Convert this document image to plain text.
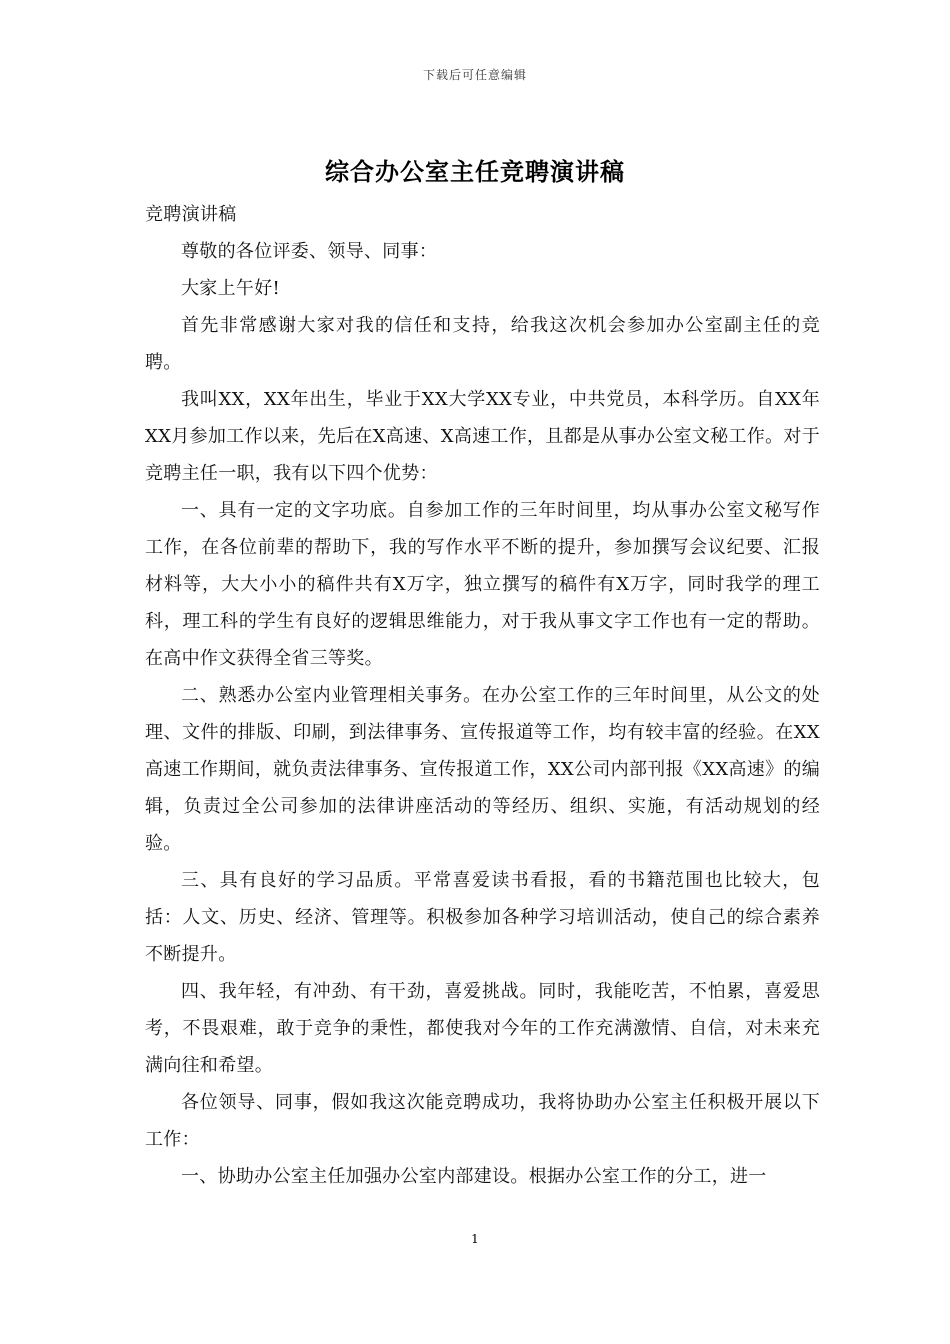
下载后可任意编辑
综合办公室主任竞聘演讲稿

竞聘演讲稿

尊敬的各位评委、领导、同事：

大家上午好!

首先非常感谢大家对我的信任和支持，给我这次机会参加办公室副主任的竞聘。

我叫XX，XX年出生，毕业于XX大学XX专业，中共党员，本科学历。自XX年XX月参加工作以来，先后在X高速、X高速工作，且都是从事办公室文秘工作。对于竞聘主任一职，我有以下四个优势：

一、具有一定的文字功底。自参加工作的三年时间里，均从事办公室文秘写作工作，在各位前辈的帮助下，我的写作水平不断的提升，参加撰写会议纪要、汇报材料等，大大小小的稿件共有X万字，独立撰写的稿件有X万字，同时我学的理工科，理工科的学生有良好的逻辑思维能力，对于我从事文字工作也有一定的帮助。在高中作文获得全省三等奖。

二、熟悉办公室内业管理相关事务。在办公室工作的三年时间里，从公文的处理、文件的排版、印刷，到法律事务、宣传报道等工作，均有较丰富的经验。在XX高速工作期间，就负责法律事务、宣传报道工作，XX公司内部刊报《XX高速》的编辑，负责过全公司参加的法律讲座活动的等经历、组织、实施，有活动规划的经验。

三、具有良好的学习品质。平常喜爱读书看报，看的书籍范围也比较大，包括：人文、历史、经济、管理等。积极参加各种学习培训活动，使自己的综合素养不断提升。

四、我年轻，有冲劲、有干劲，喜爱挑战。同时，我能吃苦，不怕累，喜爱思考，不畏艰难，敢于竞争的秉性，都使我对今年的工作充满激情、自信，对未来充满向往和希望。

各位领导、同事，假如我这次能竞聘成功，我将协助办公室主任积极开展以下工作：

一、协助办公室主任加强办公室内部建设。根据办公室工作的分工，进一

1
